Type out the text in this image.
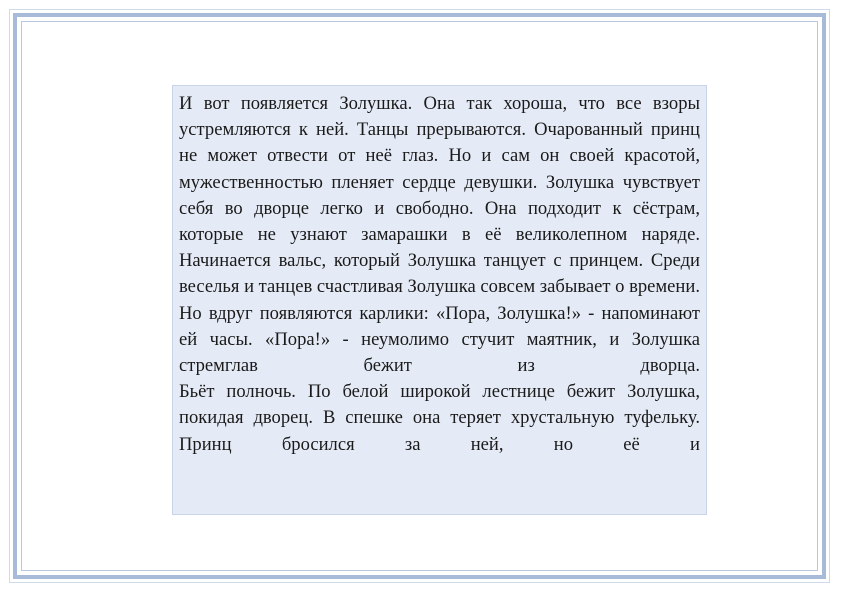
И вот появляется Золушка. Она так хороша, что все взоры устремляются к ней. Танцы прерываются. Очарованный принц не может отвести от неё глаз. Но и сам он своей красотой, мужественностью пленяет сердце девушки. Золушка чувствует себя во дворце легко и свободно. Она подходит к сёстрам, которые не узнают замарашки в её великолепном наряде. Начинается вальс, который Золушка танцует с принцем. Среди веселья и танцев счастливая Золушка совсем забывает о времени. Но вдруг появляются карлики: «Пора, Золушка!» - напоминают ей часы. «Пора!» - неумолимо стучит маятник, и Золушка стремглав бежит из дворца.

Бьёт полночь. По белой широкой лестнице бежит Золушка, покидая дворец. В спешке она теряет хрустальную туфельку. Принц бросился за ней, но её и
